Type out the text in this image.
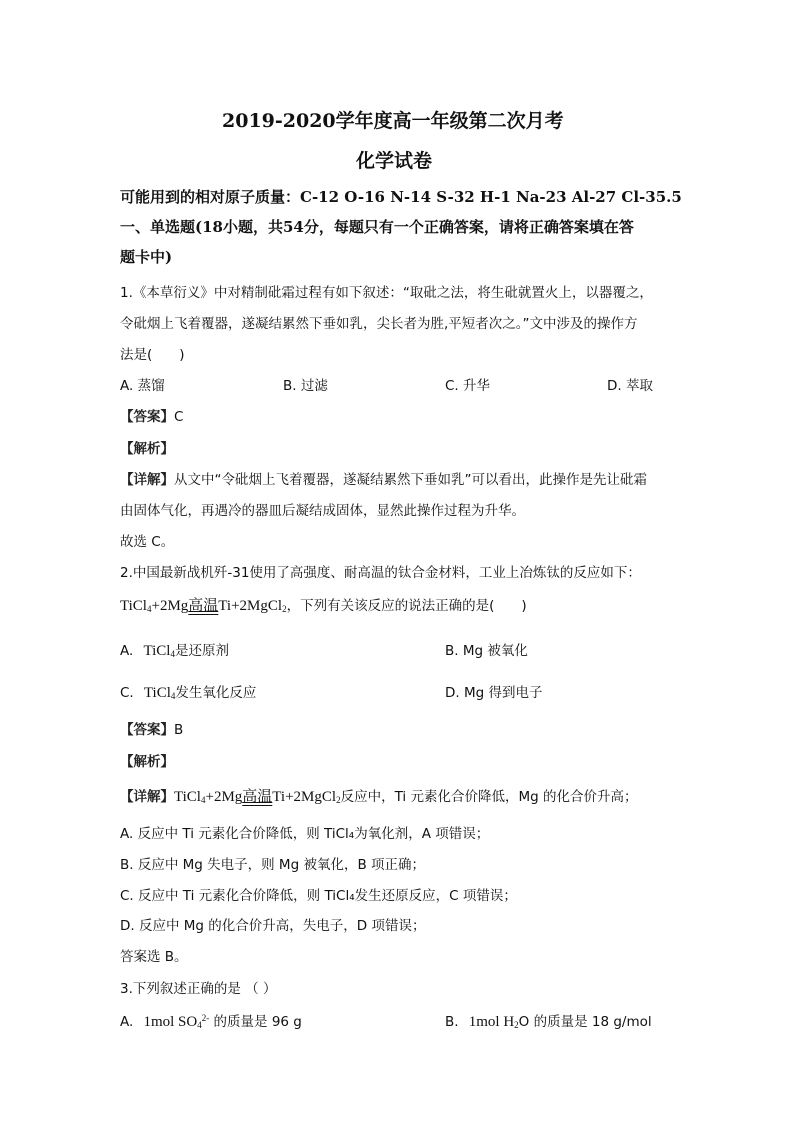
2019-2020学年度高一年级第二次月考
化学试卷
可能用到的相对原子质量：C-12 O-16 N-14 S-32 H-1 Na-23 Al-27 Cl-35.5
一、单选题(18小题，共54分，每题只有一个正确答案，请将正确答案填在答
题卡中)
1.《本草衍义》中对精制砒霜过程有如下叙述：“取砒之法，将生砒就置火上，以器覆之，
令砒烟上飞着覆器，遂凝结累然下垂如乳，尖长者为胜,平短者次之。”文中涉及的操作方
法是(　　)
A. 蒸馏	B. 过滤	C. 升华	D. 萃取
【答案】C
【解析】
【详解】从文中“令砒烟上飞着覆器，遂凝结累然下垂如乳”可以看出，此操作是先让砒霜
由固体气化，再遇冷的器皿后凝结成固体，显然此操作过程为升华。
故选 C。
2.中国最新战机歼-31使用了高强度、耐高温的钛合金材料，工业上冶炼钛的反应如下：
TiCl$_4$+2Mg高温Ti+2MgCl$_2$，下列有关该反应的说法正确的是(　　)
A. TiCl$_4$是还原剂	B. Mg 被氧化
C. TiCl$_4$发生氧化反应	D. Mg 得到电子
【答案】B
【解析】
【详解】TiCl$_4$+2Mg高温Ti+2MgCl$_2$反应中，Ti 元素化合价降低，Mg 的化合价升高；
A. 反应中 Ti 元素化合价降低，则 TiCl₄为氧化剂，A 项错误；
B. 反应中 Mg 失电子，则 Mg 被氧化，B 项正确；
C. 反应中 Ti 元素化合价降低，则 TiCl₄发生还原反应，C 项错误；
D. 反应中 Mg 的化合价升高，失电子，D 项错误；
答案选 B。
3.下列叙述正确的是 （ ）
A. 1mol $SO_4^{2-}$ 的质量是 96 g	B. 1mol $H_2O$ 的质量是 18 g/mol
